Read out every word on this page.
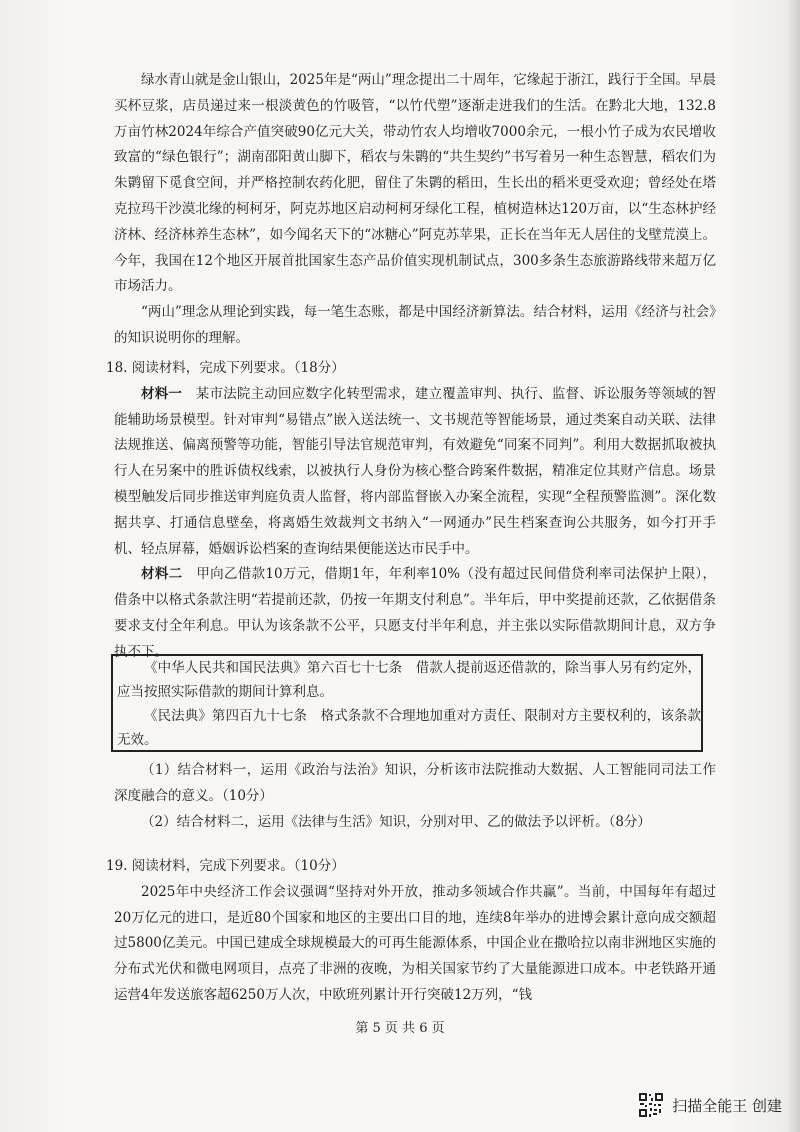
绿水青山就是金山银山，2025年是“两山”理念提出二十周年，它缘起于浙江，践行于全国。早晨买杯豆浆，店员递过来一根淡黄色的竹吸管，“以竹代塑”逐渐走进我们的生活。在黔北大地，132.8万亩竹林2024年综合产值突破90亿元大关，带动竹农人均增收7000余元，一根小竹子成为农民增收致富的“绿色银行”；湖南邵阳黄山脚下，稻农与朱鹮的“共生契约”书写着另一种生态智慧，稻农们为朱鹮留下觅食空间，并严格控制农药化肥，留住了朱鹮的稻田，生长出的稻米更受欢迎；曾经处在塔克拉玛干沙漠北缘的柯柯牙，阿克苏地区启动柯柯牙绿化工程，植树造林达120万亩，以“生态林护经济林、经济林养生态林”，如今闻名天下的“冰糖心”阿克苏苹果，正长在当年无人居住的戈壁荒漠上。今年，我国在12个地区开展首批国家生态产品价值实现机制试点，300多条生态旅游路线带来超万亿市场活力。

“两山”理念从理论到实践，每一笔生态账，都是中国经济新算法。结合材料，运用《经济与社会》的知识说明你的理解。

18. 阅读材料，完成下列要求。（18分）

材料一　 某市法院主动回应数字化转型需求，建立覆盖审判、执行、监督、诉讼服务等领域的智能辅助场景模型。针对审判“易错点”嵌入送法统一、文书规范等智能场景，通过类案自动关联、法律法规推送、偏离预警等功能，智能引导法官规范审判，有效避免“同案不同判”。利用大数据抓取被执行人在另案中的胜诉债权线索，以被执行人身份为核心整合跨案件数据，精准定位其财产信息。场景模型触发后同步推送审判庭负责人监督，将内部监督嵌入办案全流程，实现“全程预警监测”。深化数据共享、打通信息壁垒，将离婚生效裁判文书纳入“一网通办”民生档案查询公共服务，如今打开手机、轻点屏幕，婚姻诉讼档案的查询结果便能送达市民手中。

材料二　 甲向乙借款10万元，借期1年，年利率10%（没有超过民间借贷利率司法保护上限），借条中以格式条款注明“若提前还款，仍按一年期支付利息”。半年后，甲中奖提前还款，乙依据借条要求支付全年利息。甲认为该条款不公平，只愿支付半年利息，并主张以实际借款期间计息，双方争执不下。

《中华人民共和国民法典》第六百七十七条　借款人提前返还借款的，除当事人另有约定外，应当按照实际借款的期间计算利息。

《民法典》第四百九十七条　格式条款不合理地加重对方责任、限制对方主要权利的，该条款无效。

（1）结合材料一，运用《政治与法治》知识，分析该市法院推动大数据、人工智能同司法工作深度融合的意义。（10分）

（2）结合材料二，运用《法律与生活》知识，分别对甲、乙的做法予以评析。（8分）

19. 阅读材料，完成下列要求。（10分）

2025年中央经济工作会议强调“坚持对外开放，推动多领域合作共赢”。当前，中国每年有超过20万亿元的进口，是近80个国家和地区的主要出口目的地，连续8年举办的进博会累计意向成交额超过5800亿美元。中国已建成全球规模最大的可再生能源体系，中国企业在撒哈拉以南非洲地区实施的分布式光伏和微电网项目，点亮了非洲的夜晚，为相关国家节约了大量能源进口成本。中老铁路开通运营4年发送旅客超6250万人次，中欧班列累计开行突破12万列，“钱

第 5 页 共 6 页
扫描全能王 创建
